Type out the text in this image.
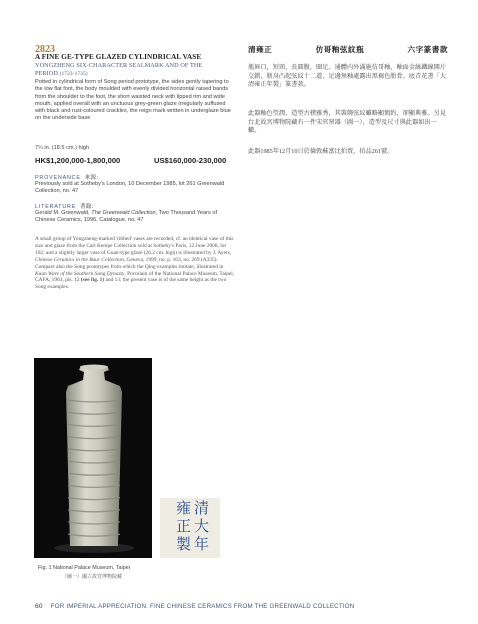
2823
A FINE GE-TYPE GLAZED CYLINDRICAL VASE
YONGZHENG SIX-CHARACTER SEALMARK AND OF THE
PERIOD (1723-1735)
Potted in cylindrical form of Song period prototype, the sides gently tapering to the low flat foot, the body moulded with evenly divided horizontal raised bands from the shoulder to the foot, the short waisted neck with lipped rim and wide mouth, applied overall with an unctuous grey-green glaze irregularly suffused with black and rust-coloured crackles, the reign mark written in underglaze blue on the underside base
7¼ in. (18.5 cm.) high
HK$1,200,000-1,800,000	US$160,000-230,000
PROVENANCE 來源：
Previously sold at Sotheby's London, 10 December 1985, lot 261 Greenwald Collection, no. 47
LITERATURE 著錄：
Gerald M. Greenwald, The Greenwald Collection, Two Thousand Years of Chinese Ceramics, 1996, Catalogue, no. 47
A small group of Yongzheng-marked 'ribbed' vases are recorded, cf. an identical vase of this size and glaze from the Carl Kempe Collection sold at Sotheby's Paris, 12 June 2008, lot 102; and a slightly larger vase of Guan-type glaze (26.2 cm. high) is illustrated by J. Ayers, Chinese Ceramics in the Baur Collection, Geneva, 1999, no. p. 163, no. 269 (A335). Compare also the Song prototypes from which the Qing examples imitate, illustrated in Kuan Ware of the Southern Sung Dynasty, Porcelain of the National Palace Museum, Taipei, CAFA, 1963, pls. 12 (see fig. 1) and 13; the present vase is of the same height as the two Song examples.
清雍正	仿哥釉弦紋瓶	六字篆書款
瓶唇口，短頸，長圓腹，圈足。通體内外滿施仿哥釉，釉面金絲鐵線開片交錯，瓶身凸起弦紋十二道，足邊無釉處露出黑褐色胎骨。底青花書「大清雍正年製」篆書款。
此器釉色瑩潤，造型古樸雅秀，其裝飾弦紋雖略顯簡約，卻顯典雅。另見台北故宮博物院藏有一件宋官窯器（圖一），造型及尺寸與此器如出一轍。
此器1985年12月10日於倫敦蘇富比拍賣，拍品261號。
清
大
年
雍
正
製
Fig. 1 National Palace Museum, Taipei
（圖一）國立故宮博物院藏
60 FOR IMPERIAL APPRECIATION: FINE CHINESE CERAMICS FROM THE GREENWALD COLLECTION
